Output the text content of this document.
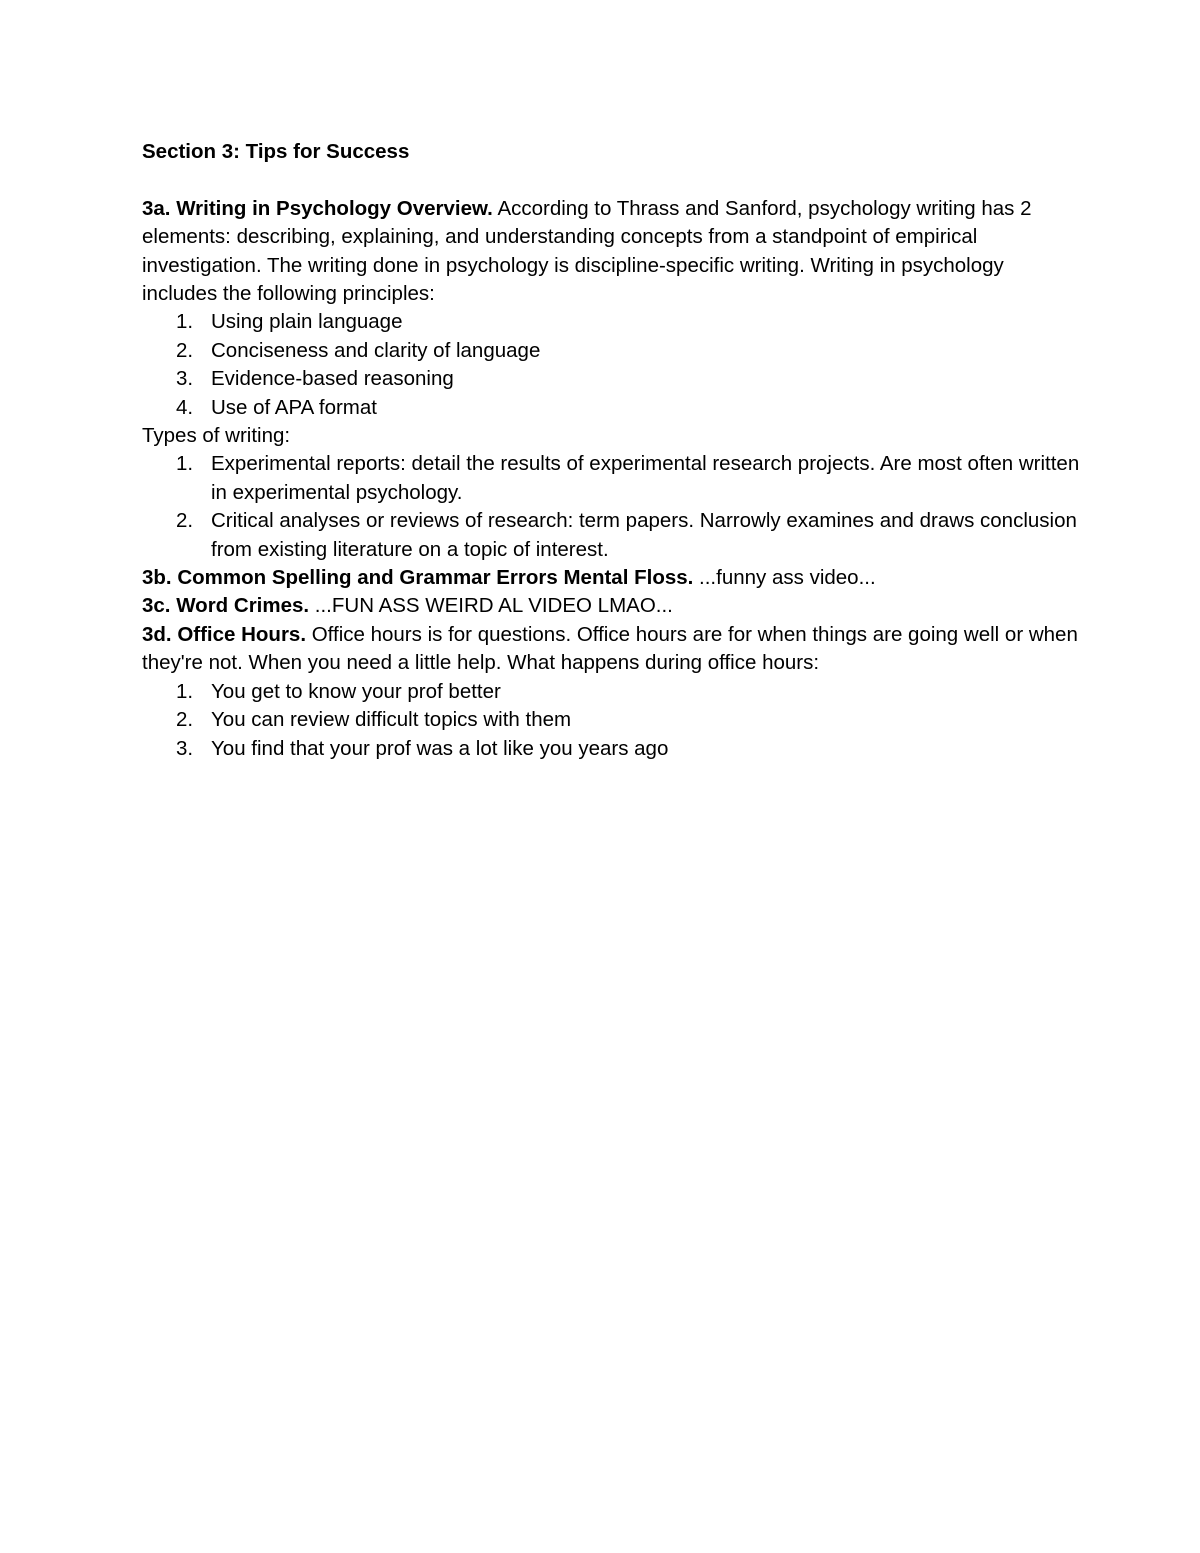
Section 3: Tips for Success

3a. Writing in Psychology Overview. According to Thrass and Sanford, psychology writing has 2 elements: describing, explaining, and understanding concepts from a standpoint of empirical investigation. The writing done in psychology is discipline-specific writing. Writing in psychology includes the following principles:

1. Using plain language
2. Conciseness and clarity of language
3. Evidence-based reasoning
4. Use of APA format

Types of writing:

1. Experimental reports: detail the results of experimental research projects. Are most often written in experimental psychology.
2. Critical analyses or reviews of research: term papers. Narrowly examines and draws conclusion from existing literature on a topic of interest.

3b. Common Spelling and Grammar Errors Mental Floss. ...funny ass video...

3c. Word Crimes. ...FUN ASS WEIRD AL VIDEO LMAO...

3d. Office Hours. Office hours is for questions. Office hours are for when things are going well or when they're not. When you need a little help. What happens during office hours:

1. You get to know your prof better
2. You can review difficult topics with them
3. You find that your prof was a lot like you years ago
